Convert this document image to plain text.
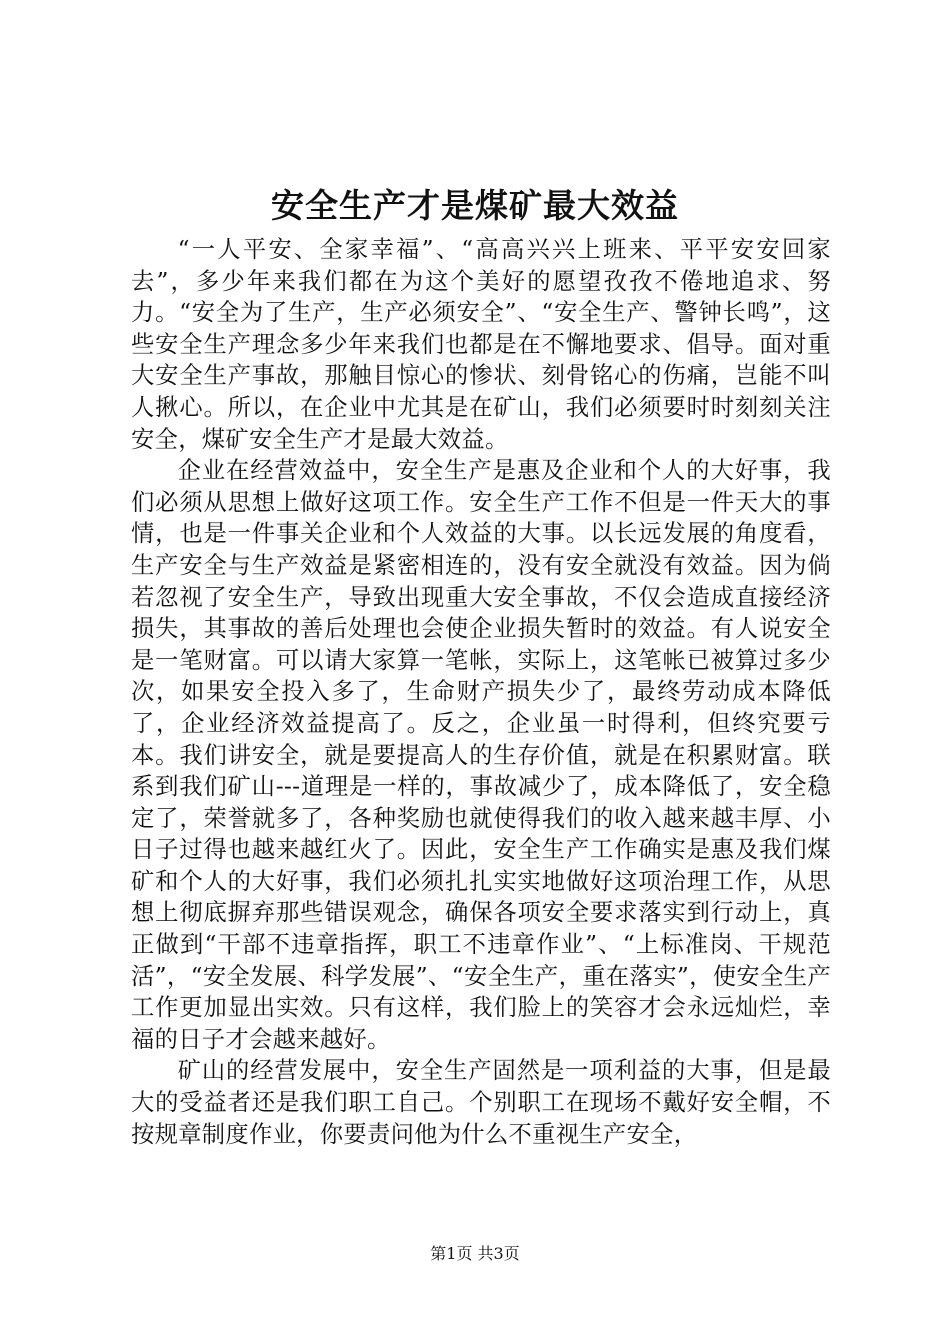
安全生产才是煤矿最大效益

“一人平安、全家幸福”、“高高兴兴上班来、平平安安回家去”，多少年来我们都在为这个美好的愿望孜孜不倦地追求、努力。“安全为了生产，生产必须安全”、“安全生产、警钟长鸣”，这些安全生产理念多少年来我们也都是在不懈地要求、倡导。面对重大安全生产事故，那触目惊心的惨状、刻骨铭心的伤痛，岂能不叫人揪心。所以，在企业中尤其是在矿山，我们必须要时时刻刻关注安全，煤矿安全生产才是最大效益。

企业在经营效益中，安全生产是惠及企业和个人的大好事，我们必须从思想上做好这项工作。安全生产工作不但是一件天大的事情，也是一件事关企业和个人效益的大事。以长远发展的角度看，生产安全与生产效益是紧密相连的，没有安全就没有效益。因为倘若忽视了安全生产，导致出现重大安全事故，不仅会造成直接经济损失，其事故的善后处理也会使企业损失暂时的效益。有人说安全是一笔财富。可以请大家算一笔帐，实际上，这笔帐已被算过多少次，如果安全投入多了，生命财产损失少了，最终劳动成本降低了，企业经济效益提高了。反之，企业虽一时得利，但终究要亏本。我们讲安全，就是要提高人的生存价值，就是在积累财富。联系到我们矿山---道理是一样的，事故减少了，成本降低了，安全稳定了，荣誉就多了，各种奖励也就使得我们的收入越来越丰厚、小日子过得也越来越红火了。因此，安全生产工作确实是惠及我们煤矿和个人的大好事，我们必须扎扎实实地做好这项治理工作，从思想上彻底摒弃那些错误观念，确保各项安全要求落实到行动上，真正做到“干部不违章指挥，职工不违章作业”、“上标准岗、干规范活”，“安全发展、科学发展”、“安全生产，重在落实”，使安全生产工作更加显出实效。只有这样，我们脸上的笑容才会永远灿烂，幸福的日子才会越来越好。

矿山的经营发展中，安全生产固然是一项利益的大事，但是最大的受益者还是我们职工自己。个别职工在现场不戴好安全帽，不按规章制度作业，你要责问他为什么不重视生产安全，

第1页 共3页
